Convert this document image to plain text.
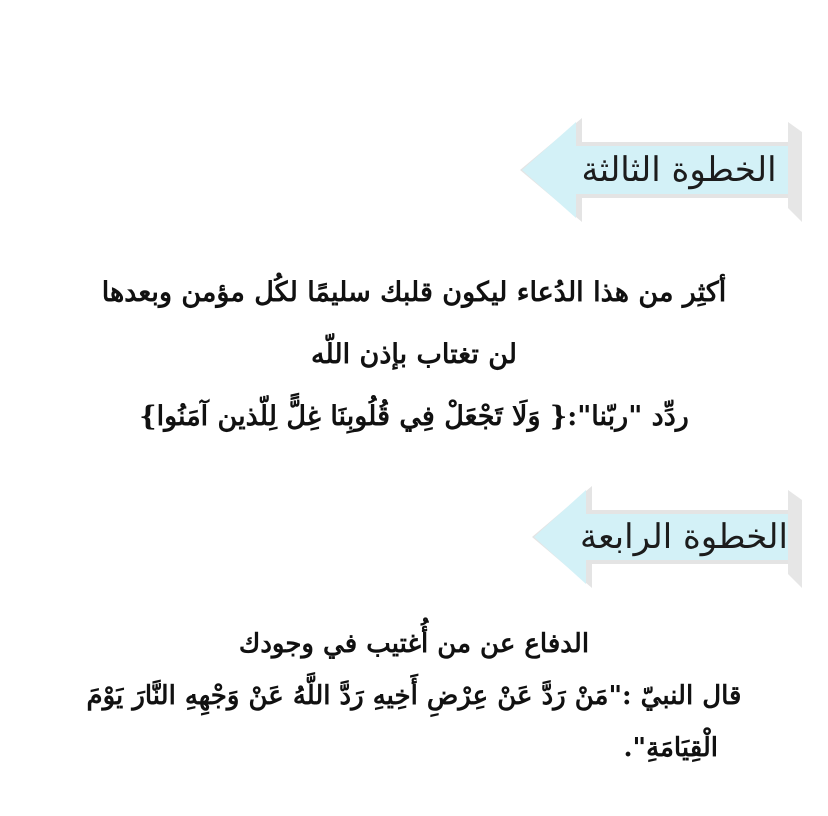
الخطوة الثالثة
أكثِر من هذا الدُعاء ليكون قلبك سليمًا لكُل مؤمن وبعدها
لن تغتاب بإذن اللّه
ردِّد "ربّنا":{ وَلَا تَجْعَلْ فِي قُلُوبِنَا غِلًّ لِلّذين آمَنُوا}
الخطوة الرابعة
الدفاع عن من أُغتيب في وجودك
قال النبيّ :"مَنْ رَدَّ عَنْ عِرْضِ أَخِيهِ رَدَّ اللَّهُ عَنْ وَجْهِهِ النَّارَ يَوْمَ
الْقِيَامَةِ".
